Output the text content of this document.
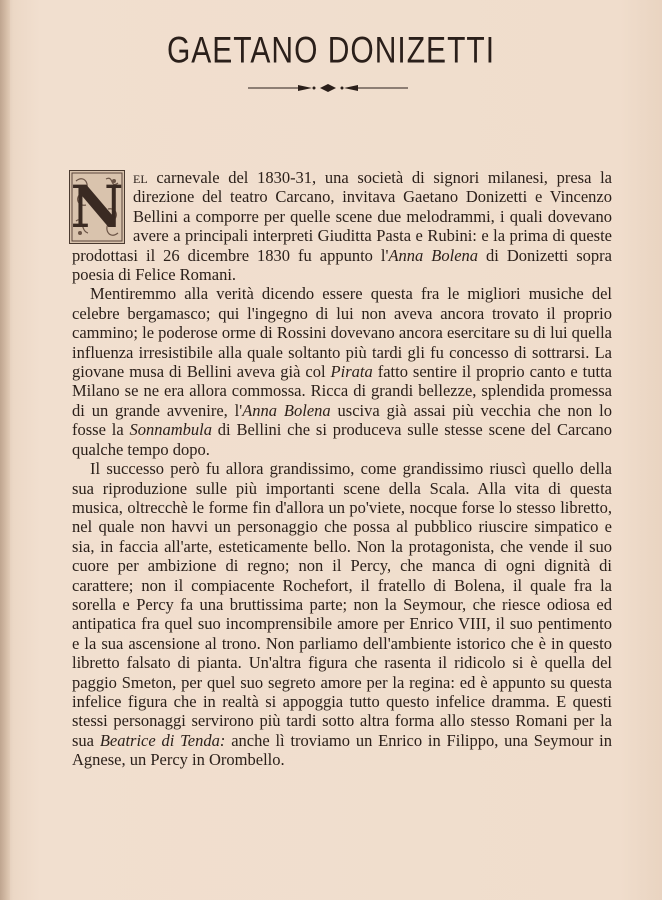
GAETANO DONIZETTI

N el carnevale del 1830-31, una società di signori milanesi, presa la direzione del teatro Carcano, invitava Gaetano Donizetti e Vincenzo Bellini a comporre per quelle scene due melodrammi, i quali dovevano avere a principali interpreti Giuditta Pasta e Rubini: e la prima di queste prodottasi il 26 dicembre 1830 fu appunto l'Anna Bolena di Donizetti sopra poesia di Felice Romani.

Mentiremmo alla verità dicendo essere questa fra le migliori musiche del celebre bergamasco; qui l'ingegno di lui non aveva ancora trovato il proprio cammino; le poderose orme di Rossini dovevano ancora esercitare su di lui quella influenza irresistibile alla quale soltanto più tardi gli fu concesso di sottrarsi. La giovane musa di Bellini aveva già col Pirata fatto sentire il proprio canto e tutta Milano se ne era allora commossa. Ricca di grandi bellezze, splendida promessa di un grande avvenire, l'Anna Bolena usciva già assai più vecchia che non lo fosse la Sonnambula di Bellini che si produceva sulle stesse scene del Carcano qualche tempo dopo.

Il successo però fu allora grandissimo, come grandissimo riuscì quello della sua riproduzione sulle più importanti scene della Scala. Alla vita di questa musica, oltrecchè le forme fin d'allora un po'viete, nocque forse lo stesso libretto, nel quale non havvi un personaggio che possa al pubblico riuscire simpatico e sia, in faccia all'arte, esteticamente bello. Non la protagonista, che vende il suo cuore per ambizione di regno; non il Percy, che manca di ogni dignità di carattere; non il compiacente Rochefort, il fratello di Bolena, il quale fra la sorella e Percy fa una bruttissima parte; non la Seymour, che riesce odiosa ed antipatica fra quel suo incomprensibile amore per Enrico VIII, il suo pentimento e la sua ascensione al trono. Non parliamo dell'ambiente istorico che è in questo libretto falsato di pianta. Un'altra figura che rasenta il ridicolo si è quella del paggio Smeton, per quel suo segreto amore per la regina: ed è appunto su questa infelice figura che in realtà si appoggia tutto questo infelice dramma. E questi stessi personaggi servirono più tardi sotto altra forma allo stesso Romani per la sua Beatrice di Tenda: anche lì troviamo un Enrico in Filippo, una Seymour in Agnese, un Percy in Orombello.
